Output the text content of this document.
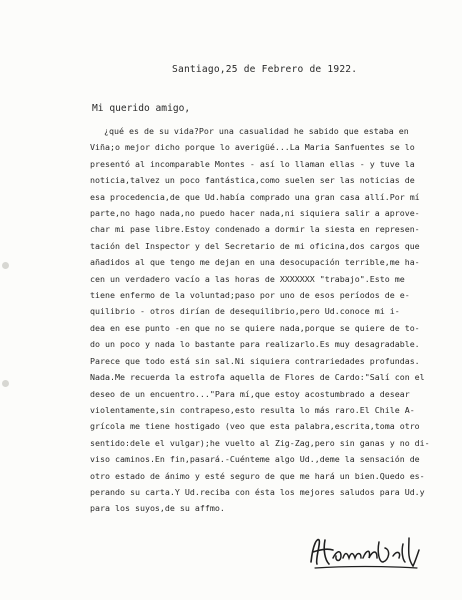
Santiago,25 de Febrero de 1922.
Mi querido amigo,
¿qué es de su vida?Por una casualidad he sabido que estaba en
Viña;o mejor dicho porque lo averigüé...La Maria Sanfuentes se lo
presentó al incomparable Montes - así lo llaman ellas - y tuve la
noticia,talvez un poco fantástica,como suelen ser las noticias de
esa procedencia,de que Ud.había comprado una gran casa allí.Por mí
parte,no hago nada,no puedo hacer nada,ni siquiera salir a aprove-
char mi pase libre.Estoy condenado a dormir la siesta en represen-
tación del Inspector y del Secretario de mi oficina,dos cargos que
añadidos al que tengo me dejan en una desocupación terrible,me ha-
cen un verdadero vacío a las horas de XXXXXXX "trabajo".Esto me
tiene enfermo de la voluntad;paso por uno de esos períodos de e-
quilibrio - otros dirían de desequilibrio,pero Ud.conoce mi i-
dea en ese punto -en que no se quiere nada,porque se quiere de to-
do un poco y nada lo bastante para realizarlo.Es muy desagradable.
Parece que todo está sin sal.Ni siquiera contrariedades profundas.
Nada.Me recuerda la estrofa aquella de Flores de Cardo:"Salí con el
deseo de un encuentro..."Para mí,que estoy acostumbrado a desear
violentamente,sin contrapeso,esto resulta lo más raro.El Chile A-
grícola me tiene hostigado (veo que esta palabra,escrita,toma otro
sentido:dele el vulgar);he vuelto al Zig-Zag,pero sin ganas y no di-
viso caminos.En fin,pasará.-Cuénteme algo Ud.,deme la sensación de
otro estado de ánimo y esté seguro de que me hará un bien.Quedo es-
perando su carta.Y Ud.reciba con ésta los mejores saludos para Ud.y
para los suyos,de su affmo.
